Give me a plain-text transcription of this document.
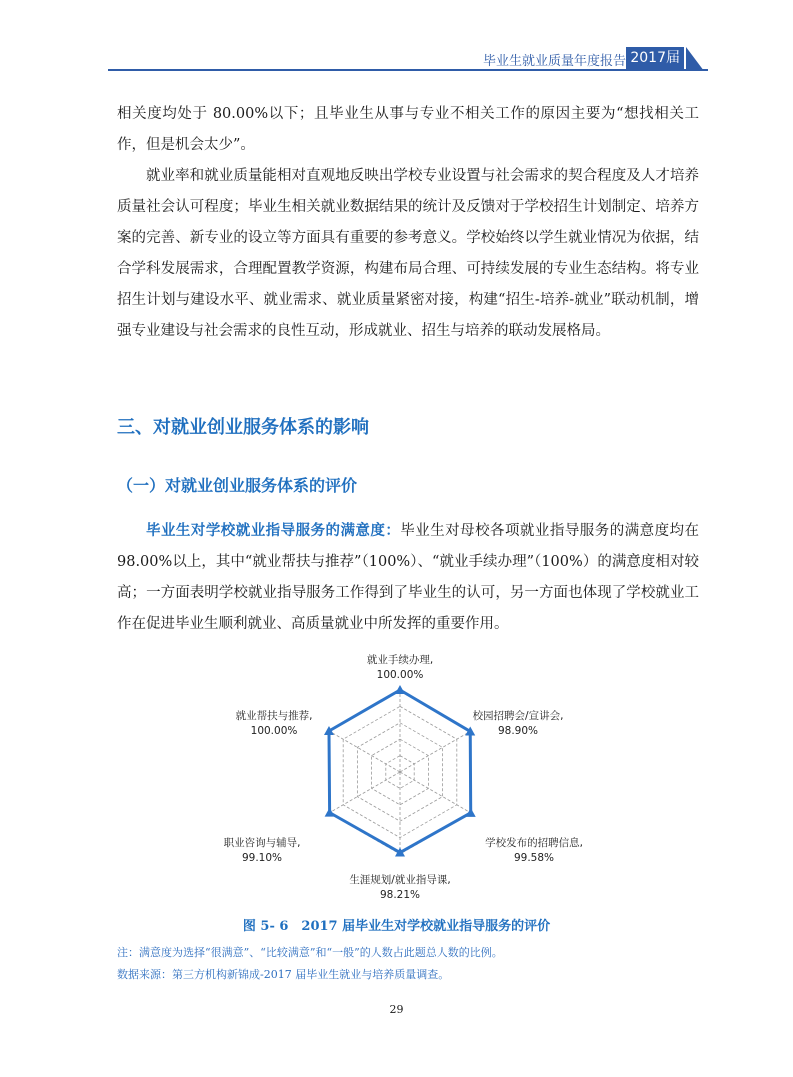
毕业生就业质量年度报告 2017届

相关度均处于 80.00%以下；且毕业生从事与专业不相关工作的原因主要为“想找相关工作，但是机会太少”。

就业率和就业质量能相对直观地反映出学校专业设置与社会需求的契合程度及人才培养质量社会认可程度；毕业生相关就业数据结果的统计及反馈对于学校招生计划制定、培养方案的完善、新专业的设立等方面具有重要的参考意义。学校始终以学生就业情况为依据，结合学科发展需求，合理配置教学资源，构建布局合理、可持续发展的专业生态结构。将专业招生计划与建设水平、就业需求、就业质量紧密对接，构建“招生-培养-就业”联动机制，增强专业建设与社会需求的良性互动，形成就业、招生与培养的联动发展格局。

三、对就业创业服务体系的影响
（一）对就业创业服务体系的评价

毕业生对学校就业指导服务的满意度：毕业生对母校各项就业指导服务的满意度均在 98.00%以上，其中“就业帮扶与推荐”（100%）、“就业手续办理”（100%）的满意度相对较高；一方面表明学校就业指导服务工作得到了毕业生的认可，另一方面也体现了学校就业工作在促进毕业生顺利就业、高质量就业中所发挥的重要作用。

就业手续办理,
100.00%
校园招聘会/宣讲会,
98.90%
学校发布的招聘信息,
99.58%
生涯规划/就业指导课,
98.21%
职业咨询与辅导,
99.10%
就业帮扶与推荐,
100.00%

图 5- 6　2017 届毕业生对学校就业指导服务的评价

注：满意度为选择“很满意”、“比较满意”和“一般”的人数占此题总人数的比例。

数据来源：第三方机构新锦成-2017 届毕业生就业与培养质量调查。

29
